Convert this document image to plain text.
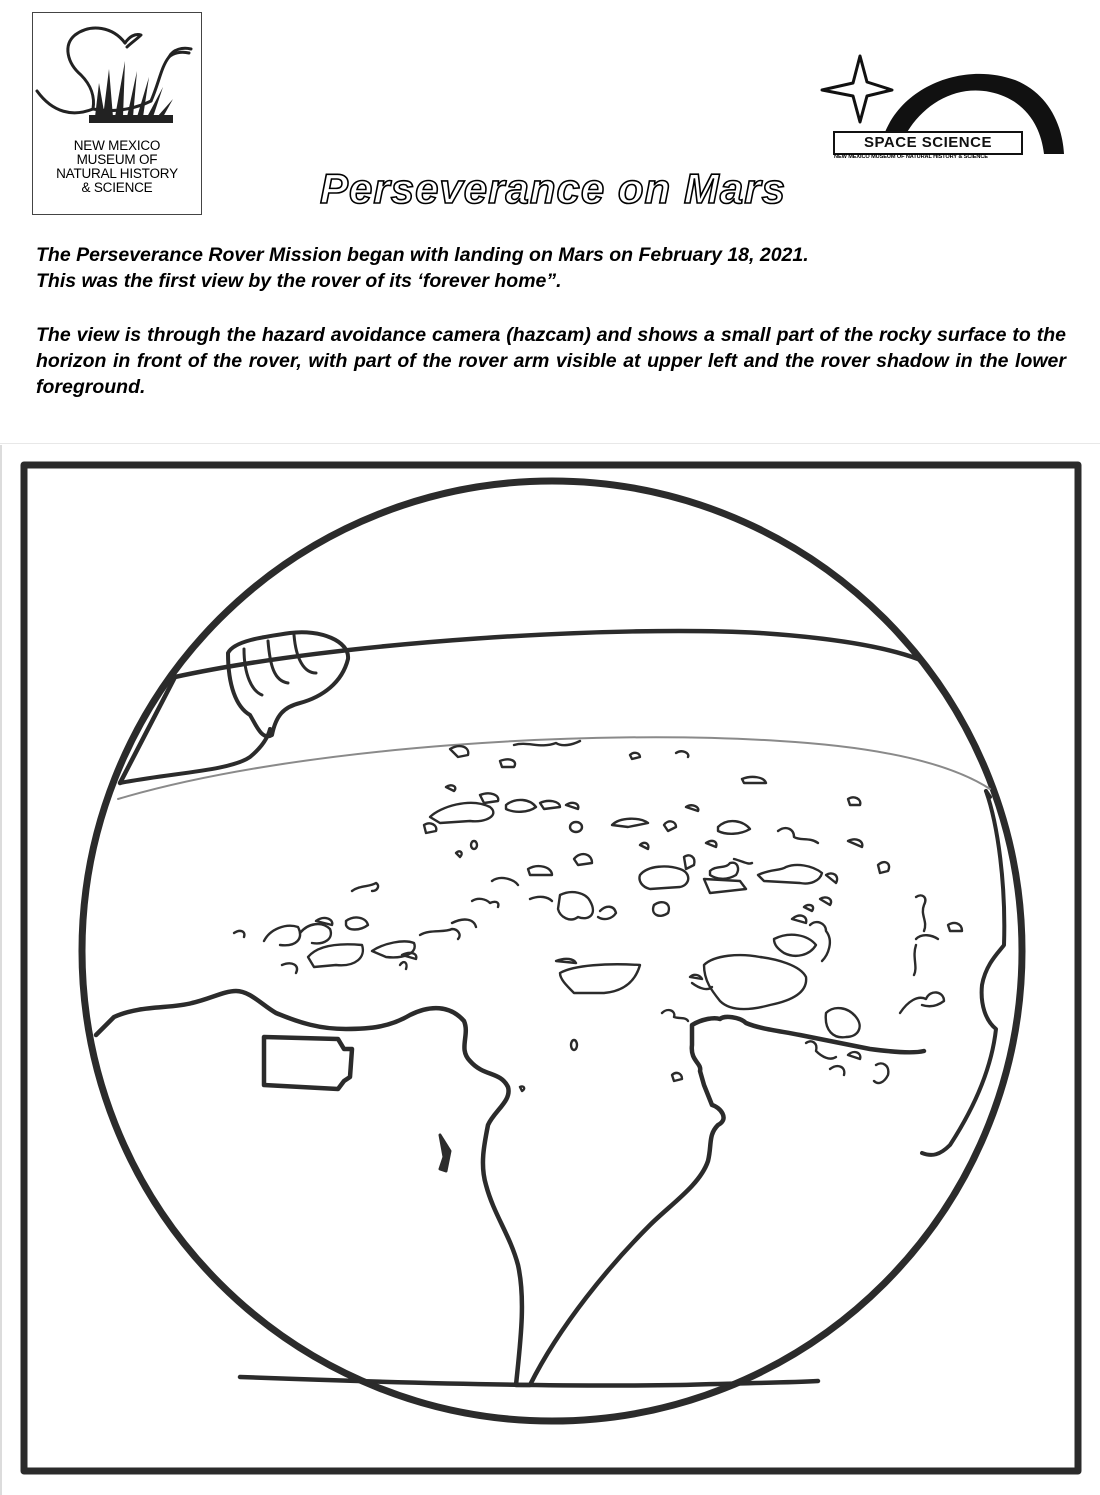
NEW MEXICO
MUSEUM OF
NATURAL HISTORY
& SCIENCE
SPACE SCIENCE
NEW MEXICO MUSEUM OF NATURAL HISTORY & SCIENCE
Perseverance on Mars

The Perseverance Rover Mission began with landing on Mars on February 18, 2021.
This was the first view by the rover of its ‘forever home”.

The view is through the hazard avoidance camera (hazcam) and shows a small part of the rocky surface to the horizon in front of the rover, with part of the rover arm visible at upper left and the rover shadow in the lower foreground.
